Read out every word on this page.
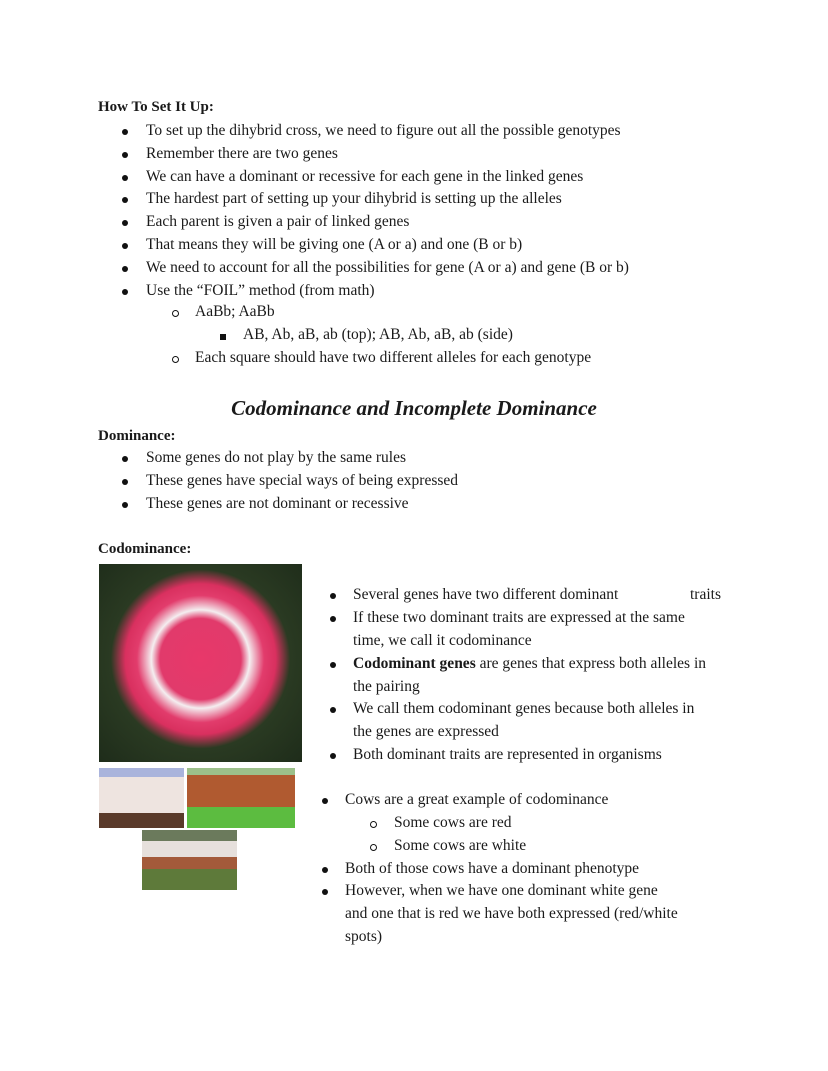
How To Set It Up:
To set up the dihybrid cross, we need to figure out all the possible genotypes
Remember there are two genes
We can have a dominant or recessive for each gene in the linked genes
The hardest part of setting up your dihybrid is setting up the alleles
Each parent is given a pair of linked genes
That means they will be giving one (A or a) and one (B or b)
We need to account for all the possibilities for gene (A or a) and gene (B or b)
Use the “FOIL” method (from math)
AaBb; AaBb
AB, Ab, aB, ab (top); AB, Ab, aB, ab (side)
Each square should have two different alleles for each genotype
Codominance and Incomplete Dominance
Dominance:
Some genes do not play by the same rules
These genes have special ways of being expressed
These genes are not dominant or recessive
Codominance:
Several genes have two different dominant	traits
If these two dominant traits are expressed at the same
time, we call it codominance
Codominant genes are genes that express both alleles in
the pairing
We call them codominant genes because both alleles in
the genes are expressed
Both dominant traits are represented in organisms
Cows are a great example of codominance
Some cows are red
Some cows are white
Both of those cows have a dominant phenotype
However, when we have one dominant white gene
and one that is red we have both expressed (red/white
spots)
